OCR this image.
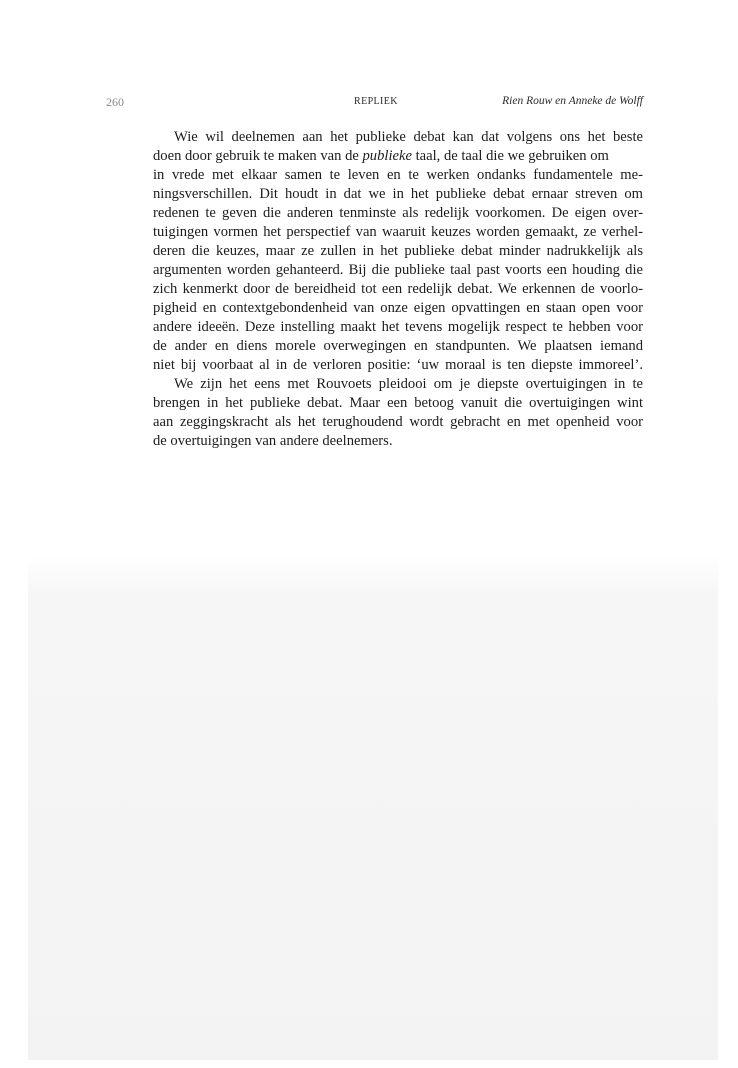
260	REPLIEK	Rien Rouw en Anneke de Wolff
Wie wil deelnemen aan het publieke debat kan dat volgens ons het beste
doen door gebruik te maken van de publieke taal, de taal die we gebruiken om
in vrede met elkaar samen te leven en te werken ondanks fundamentele me-
ningsverschillen. Dit houdt in dat we in het publieke debat ernaar streven om
redenen te geven die anderen tenminste als redelijk voorkomen. De eigen over-
tuigingen vormen het perspectief van waaruit keuzes worden gemaakt, ze verhel-
deren die keuzes, maar ze zullen in het publieke debat minder nadrukkelijk als
argumenten worden gehanteerd. Bij die publieke taal past voorts een houding die
zich kenmerkt door de bereidheid tot een redelijk debat. We erkennen de voorlo-
pigheid en contextgebondenheid van onze eigen opvattingen en staan open voor
andere ideeën. Deze instelling maakt het tevens mogelijk respect te hebben voor
de ander en diens morele overwegingen en standpunten. We plaatsen iemand
niet bij voorbaat al in de verloren positie: ‘uw moraal is ten diepste immoreel’.
We zijn het eens met Rouvoets pleidooi om je diepste overtuigingen in te
brengen in het publieke debat. Maar een betoog vanuit die overtuigingen wint
aan zeggingskracht als het terughoudend wordt gebracht en met openheid voor
de overtuigingen van andere deelnemers.
